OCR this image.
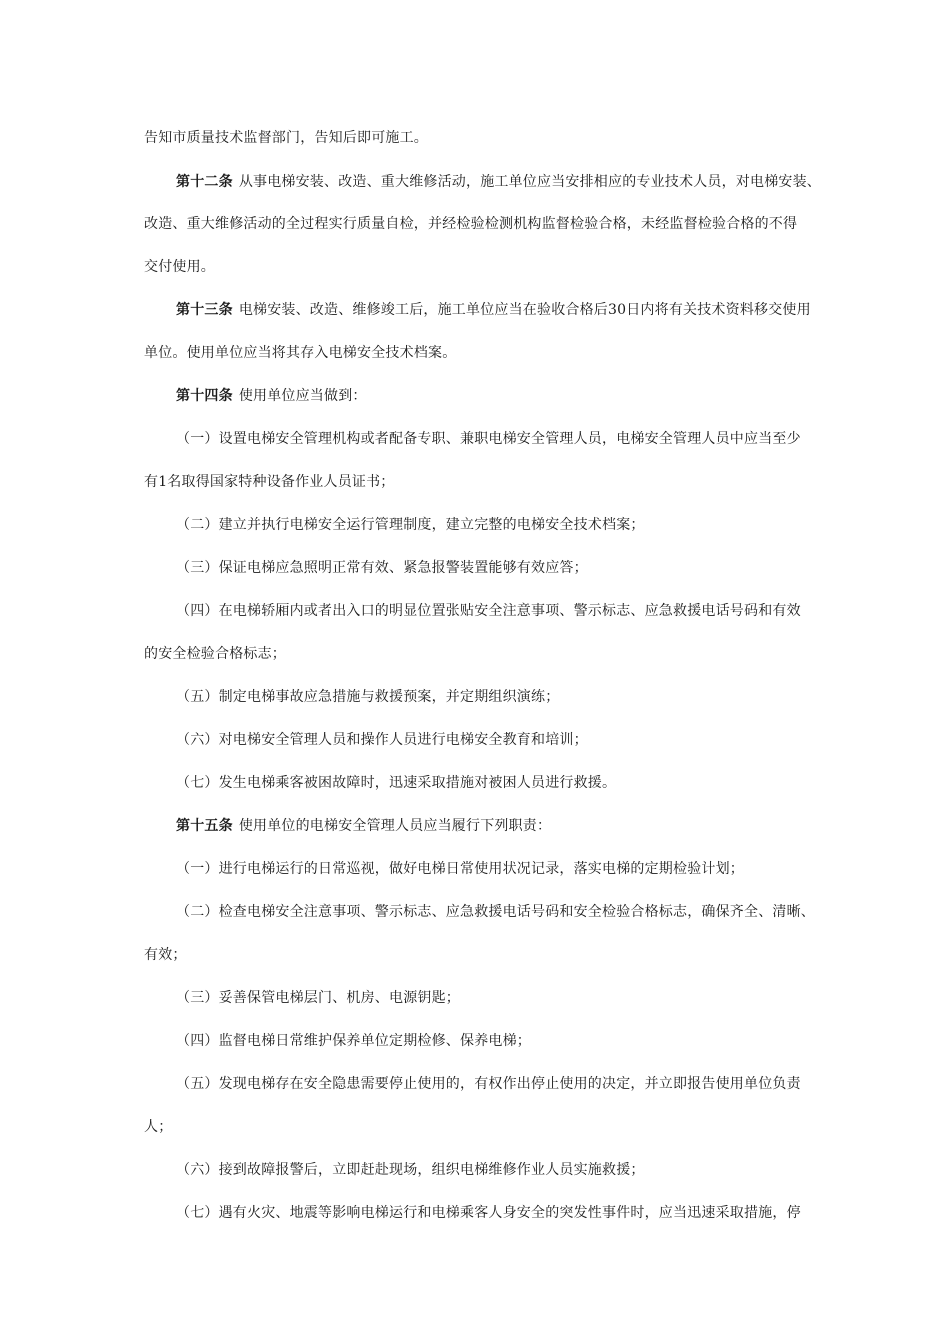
告知市质量技术监督部门，告知后即可施工。
第十二条 从事电梯安装、改造、重大维修活动，施工单位应当安排相应的专业技术人员，对电梯安装、
改造、重大维修活动的全过程实行质量自检，并经检验检测机构监督检验合格，未经监督检验合格的不得
交付使用。
第十三条 电梯安装、改造、维修竣工后，施工单位应当在验收合格后30日内将有关技术资料移交使用
单位。使用单位应当将其存入电梯安全技术档案。
第十四条 使用单位应当做到：
（一）设置电梯安全管理机构或者配备专职、兼职电梯安全管理人员，电梯安全管理人员中应当至少
有1名取得国家特种设备作业人员证书；
（二）建立并执行电梯安全运行管理制度，建立完整的电梯安全技术档案；
（三）保证电梯应急照明正常有效、紧急报警装置能够有效应答；
（四）在电梯轿厢内或者出入口的明显位置张贴安全注意事项、警示标志、应急救援电话号码和有效
的安全检验合格标志；
（五）制定电梯事故应急措施与救援预案，并定期组织演练；
（六）对电梯安全管理人员和操作人员进行电梯安全教育和培训；
（七）发生电梯乘客被困故障时，迅速采取措施对被困人员进行救援。
第十五条 使用单位的电梯安全管理人员应当履行下列职责：
（一）进行电梯运行的日常巡视，做好电梯日常使用状况记录，落实电梯的定期检验计划；
（二）检查电梯安全注意事项、警示标志、应急救援电话号码和安全检验合格标志，确保齐全、清晰、
有效；
（三）妥善保管电梯层门、机房、电源钥匙；
（四）监督电梯日常维护保养单位定期检修、保养电梯；
（五）发现电梯存在安全隐患需要停止使用的，有权作出停止使用的决定，并立即报告使用单位负责
人；
（六）接到故障报警后，立即赶赴现场，组织电梯维修作业人员实施救援；
（七）遇有火灾、地震等影响电梯运行和电梯乘客人身安全的突发性事件时，应当迅速采取措施，停
